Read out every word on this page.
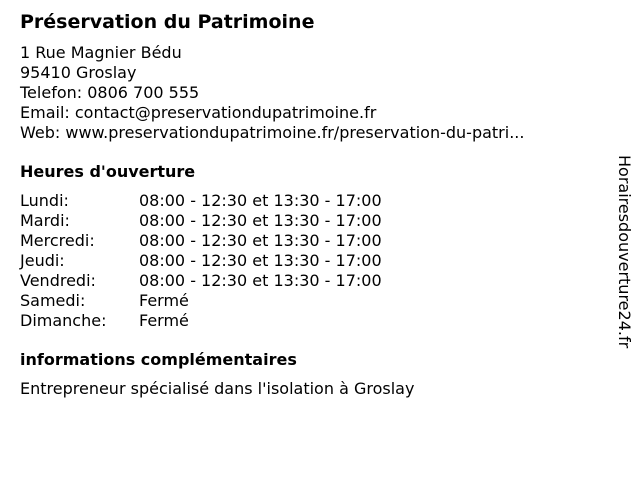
Préservation du Patrimoine
1 Rue Magnier Bédu
95410 Groslay
Telefon: 0806 700 555
Email: contact@preservationdupatrimoine.fr
Web: www.preservationdupatrimoine.fr/preservation-du-patri...
Heures d'ouverture
Lundi:	08:00 - 12:30 et 13:30 - 17:00
Mardi:	08:00 - 12:30 et 13:30 - 17:00
Mercredi:	08:00 - 12:30 et 13:30 - 17:00
Jeudi:	08:00 - 12:30 et 13:30 - 17:00
Vendredi:	08:00 - 12:30 et 13:30 - 17:00
Samedi:	Fermé
Dimanche:	Fermé
informations complémentaires
Entrepreneur spécialisé dans l'isolation à Groslay
Horairesdouverture24.fr
